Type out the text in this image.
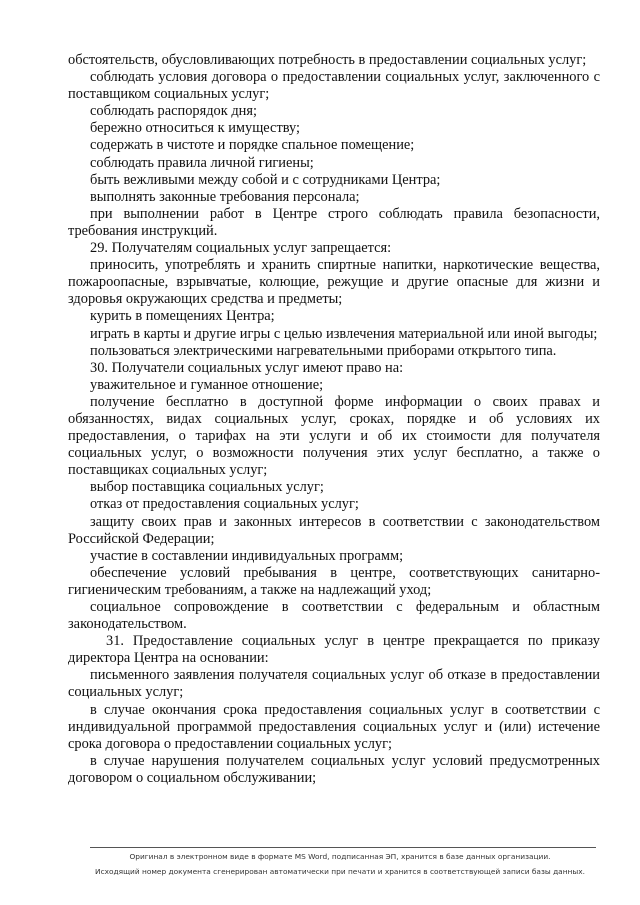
обстоятельств, обусловливающих потребность в предоставлении социальных услуг;

соблюдать условия договора о предоставлении социальных услуг, заключенного с поставщиком социальных услуг;

соблюдать распорядок дня;

бережно относиться к имуществу;

содержать в чистоте и порядке спальное помещение;

соблюдать правила личной гигиены;

быть вежливыми между собой и с сотрудниками Центра;

выполнять законные требования персонала;

при выполнении работ в Центре строго соблюдать правила безопасности, требования инструкций.

29. Получателям социальных услуг запрещается:

приносить, употреблять и хранить спиртные напитки, наркотические вещества, пожароопасные, взрывчатые, колющие, режущие и другие опасные для жизни и здоровья окружающих средства и предметы;

курить в помещениях Центра;

играть в карты и другие игры с целью извлечения материальной или иной выгоды;

пользоваться электрическими нагревательными приборами открытого типа.

30. Получатели социальных услуг имеют право на:

уважительное и гуманное отношение;

получение бесплатно в доступной форме информации о своих правах и обязанностях, видах социальных услуг, сроках, порядке и об условиях их предоставления, о тарифах на эти услуги и об их стоимости для получателя социальных услуг, о возможности получения этих услуг бесплатно, а также о поставщиках социальных услуг;

выбор поставщика социальных услуг;

отказ от предоставления социальных услуг;

защиту своих прав и законных интересов в соответствии с законодательством Российской Федерации;

участие в составлении индивидуальных программ;

обеспечение условий пребывания в центре, соответствующих санитарно-гигиеническим требованиям, а также на надлежащий уход;

социальное сопровождение в соответствии с федеральным и областным законодательством.

31. Предоставление социальных услуг в центре прекращается по приказу директора Центра на основании:

письменного заявления получателя социальных услуг об отказе в предоставлении социальных услуг;

в случае окончания срока предоставления социальных услуг в соответствии с индивидуальной программой предоставления социальных услуг и (или) истечение срока договора о предоставлении социальных услуг;

в случае нарушения получателем социальных услуг условий предусмотренных договором о социальном обслуживании;

Оригинал в электронном виде в формате MS Word, подписанная ЭП, хранится в базе данных организации.
Исходящий номер документа сгенерирован автоматически при печати и хранится в соответствующей записи базы данных.
